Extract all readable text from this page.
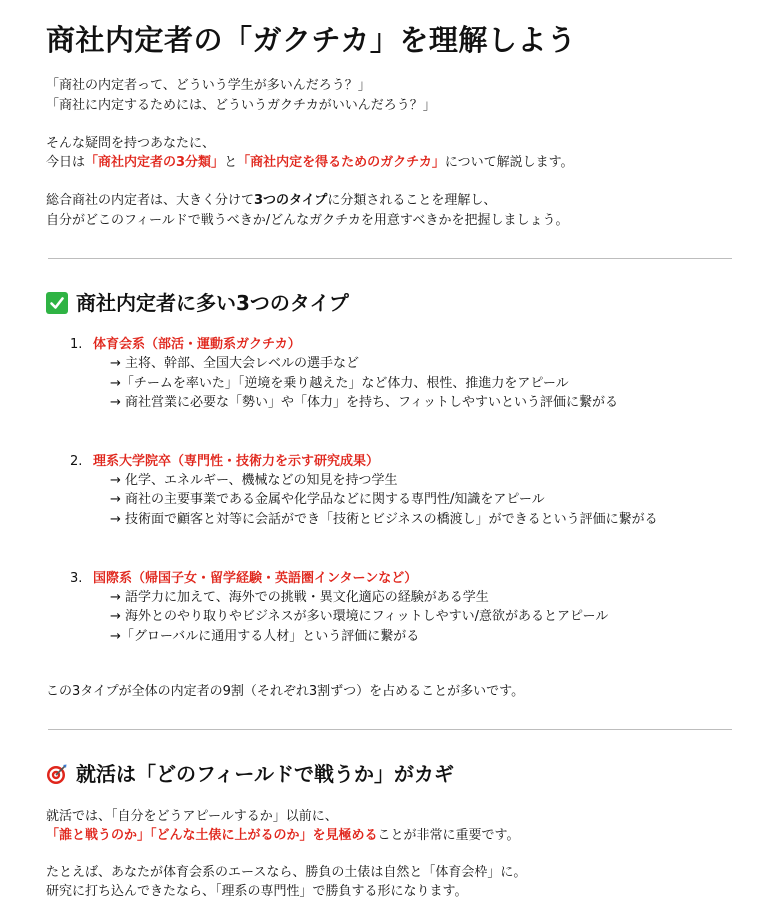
商社内定者の「ガクチカ」を理解しよう

「商社の内定者って、どういう学生が多いんだろう？」

「商社に内定するためには、どういうガクチカがいいんだろう？」

そんな疑問を持つあなたに、

今日は「商社内定者の3分類」と「商社内定を得るためのガクチカ」について解説します。

総合商社の内定者は、大きく分けて3つのタイプに分類されることを理解し、

自分がどこのフィールドで戦うべきか/どんなガクチカを用意すべきかを把握しましょう。

商社内定者に多い3つのタイプ

1. 体育会系（部活・運動系ガクチカ）

→ 主将、幹部、全国大会レベルの選手など

→「チームを率いた」「逆境を乗り越えた」など体力、根性、推進力をアピール

→ 商社営業に必要な「勢い」や「体力」を持ち、フィットしやすいという評価に繋がる

2. 理系大学院卒（専門性・技術力を示す研究成果）

→ 化学、エネルギー、機械などの知見を持つ学生

→ 商社の主要事業である金属や化学品などに関する専門性/知識をアピール

→ 技術面で顧客と対等に会話ができ「技術とビジネスの橋渡し」ができるという評価に繋がる

3. 国際系（帰国子女・留学経験・英語圏インターンなど）

→ 語学力に加えて、海外での挑戦・異文化適応の経験がある学生

→ 海外とのやり取りやビジネスが多い環境にフィットしやすい/意欲があるとアピール

→「グローバルに通用する人材」という評価に繋がる

この3タイプが全体の内定者の9割（それぞれ3割ずつ）を占めることが多いです。

就活は「どのフィールドで戦うか」がカギ

就活では、「自分をどうアピールするか」以前に、

「誰と戦うのか」「どんな土俵に上がるのか」を見極めることが非常に重要です。

たとえば、あなたが体育会系のエースなら、勝負の土俵は自然と「体育会枠」に。

研究に打ち込んできたなら、「理系の専門性」で勝負する形になります。
